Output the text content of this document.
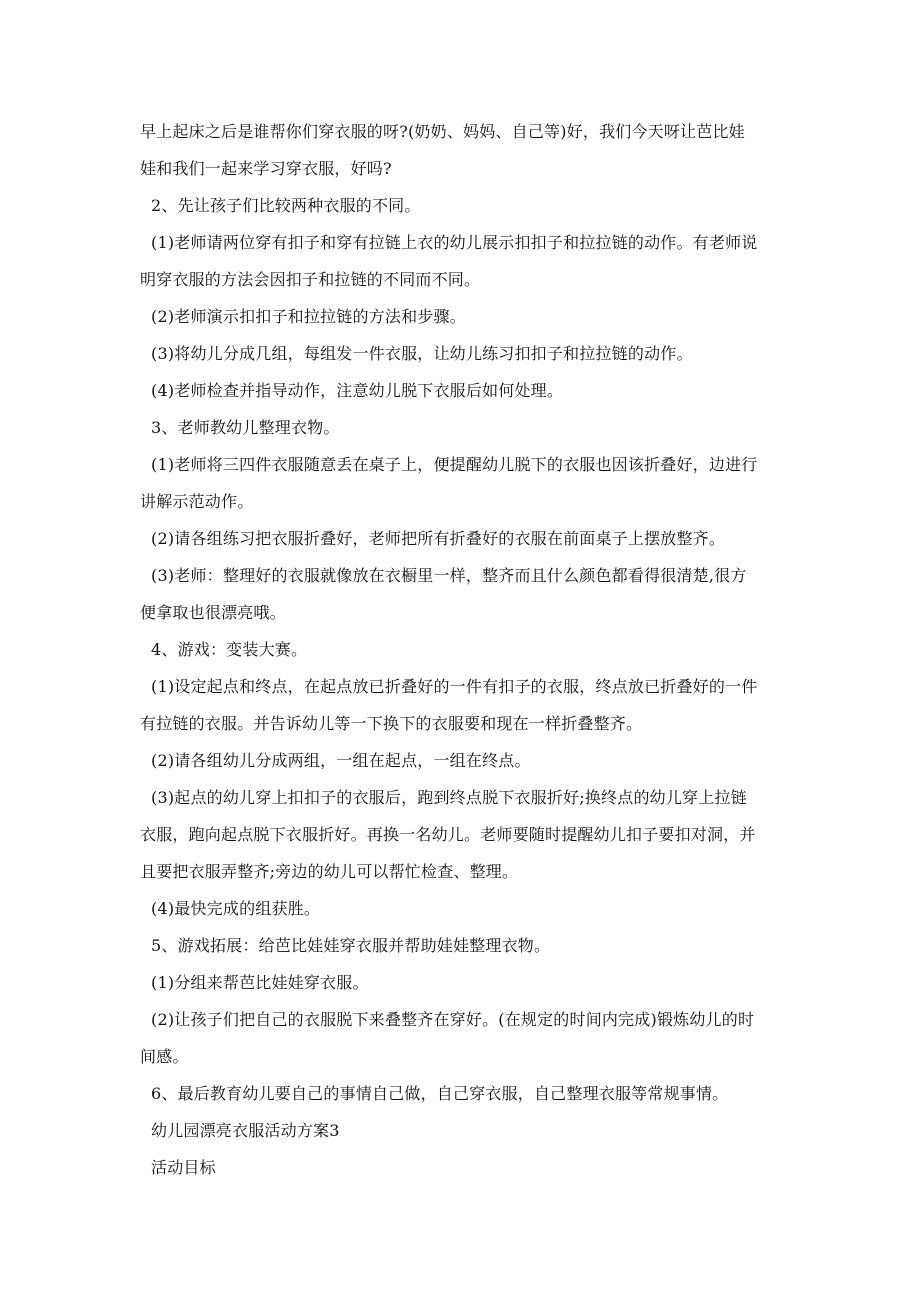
早上起床之后是谁帮你们穿衣服的呀?(奶奶、妈妈、自己等)好，我们今天呀让芭比娃
娃和我们一起来学习穿衣服，好吗?
2、先让孩子们比较两种衣服的不同。
(1)老师请两位穿有扣子和穿有拉链上衣的幼儿展示扣扣子和拉拉链的动作。有老师说
明穿衣服的方法会因扣子和拉链的不同而不同。
(2)老师演示扣扣子和拉拉链的方法和步骤。
(3)将幼儿分成几组，每组发一件衣服，让幼儿练习扣扣子和拉拉链的动作。
(4)老师检查并指导动作，注意幼儿脱下衣服后如何处理。
3、老师教幼儿整理衣物。
(1)老师将三四件衣服随意丢在桌子上，便提醒幼儿脱下的衣服也因该折叠好，边进行
讲解示范动作。
(2)请各组练习把衣服折叠好，老师把所有折叠好的衣服在前面桌子上摆放整齐。
(3)老师：整理好的衣服就像放在衣橱里一样，整齐而且什么颜色都看得很清楚,很方
便拿取也很漂亮哦。
4、游戏：变装大赛。
(1)设定起点和终点，在起点放已折叠好的一件有扣子的衣服，终点放已折叠好的一件
有拉链的衣服。并告诉幼儿等一下换下的衣服要和现在一样折叠整齐。
(2)请各组幼儿分成两组，一组在起点，一组在终点。
(3)起点的幼儿穿上扣扣子的衣服后，跑到终点脱下衣服折好;换终点的幼儿穿上拉链
衣服，跑向起点脱下衣服折好。再换一名幼儿。老师要随时提醒幼儿扣子要扣对洞，并
且要把衣服弄整齐;旁边的幼儿可以帮忙检查、整理。
(4)最快完成的组获胜。
5、游戏拓展：给芭比娃娃穿衣服并帮助娃娃整理衣物。
(1)分组来帮芭比娃娃穿衣服。
(2)让孩子们把自己的衣服脱下来叠整齐在穿好。(在规定的时间内完成)锻炼幼儿的时
间感。
6、最后教育幼儿要自己的事情自己做，自己穿衣服，自己整理衣服等常规事情。
幼儿园漂亮衣服活动方案3
活动目标
